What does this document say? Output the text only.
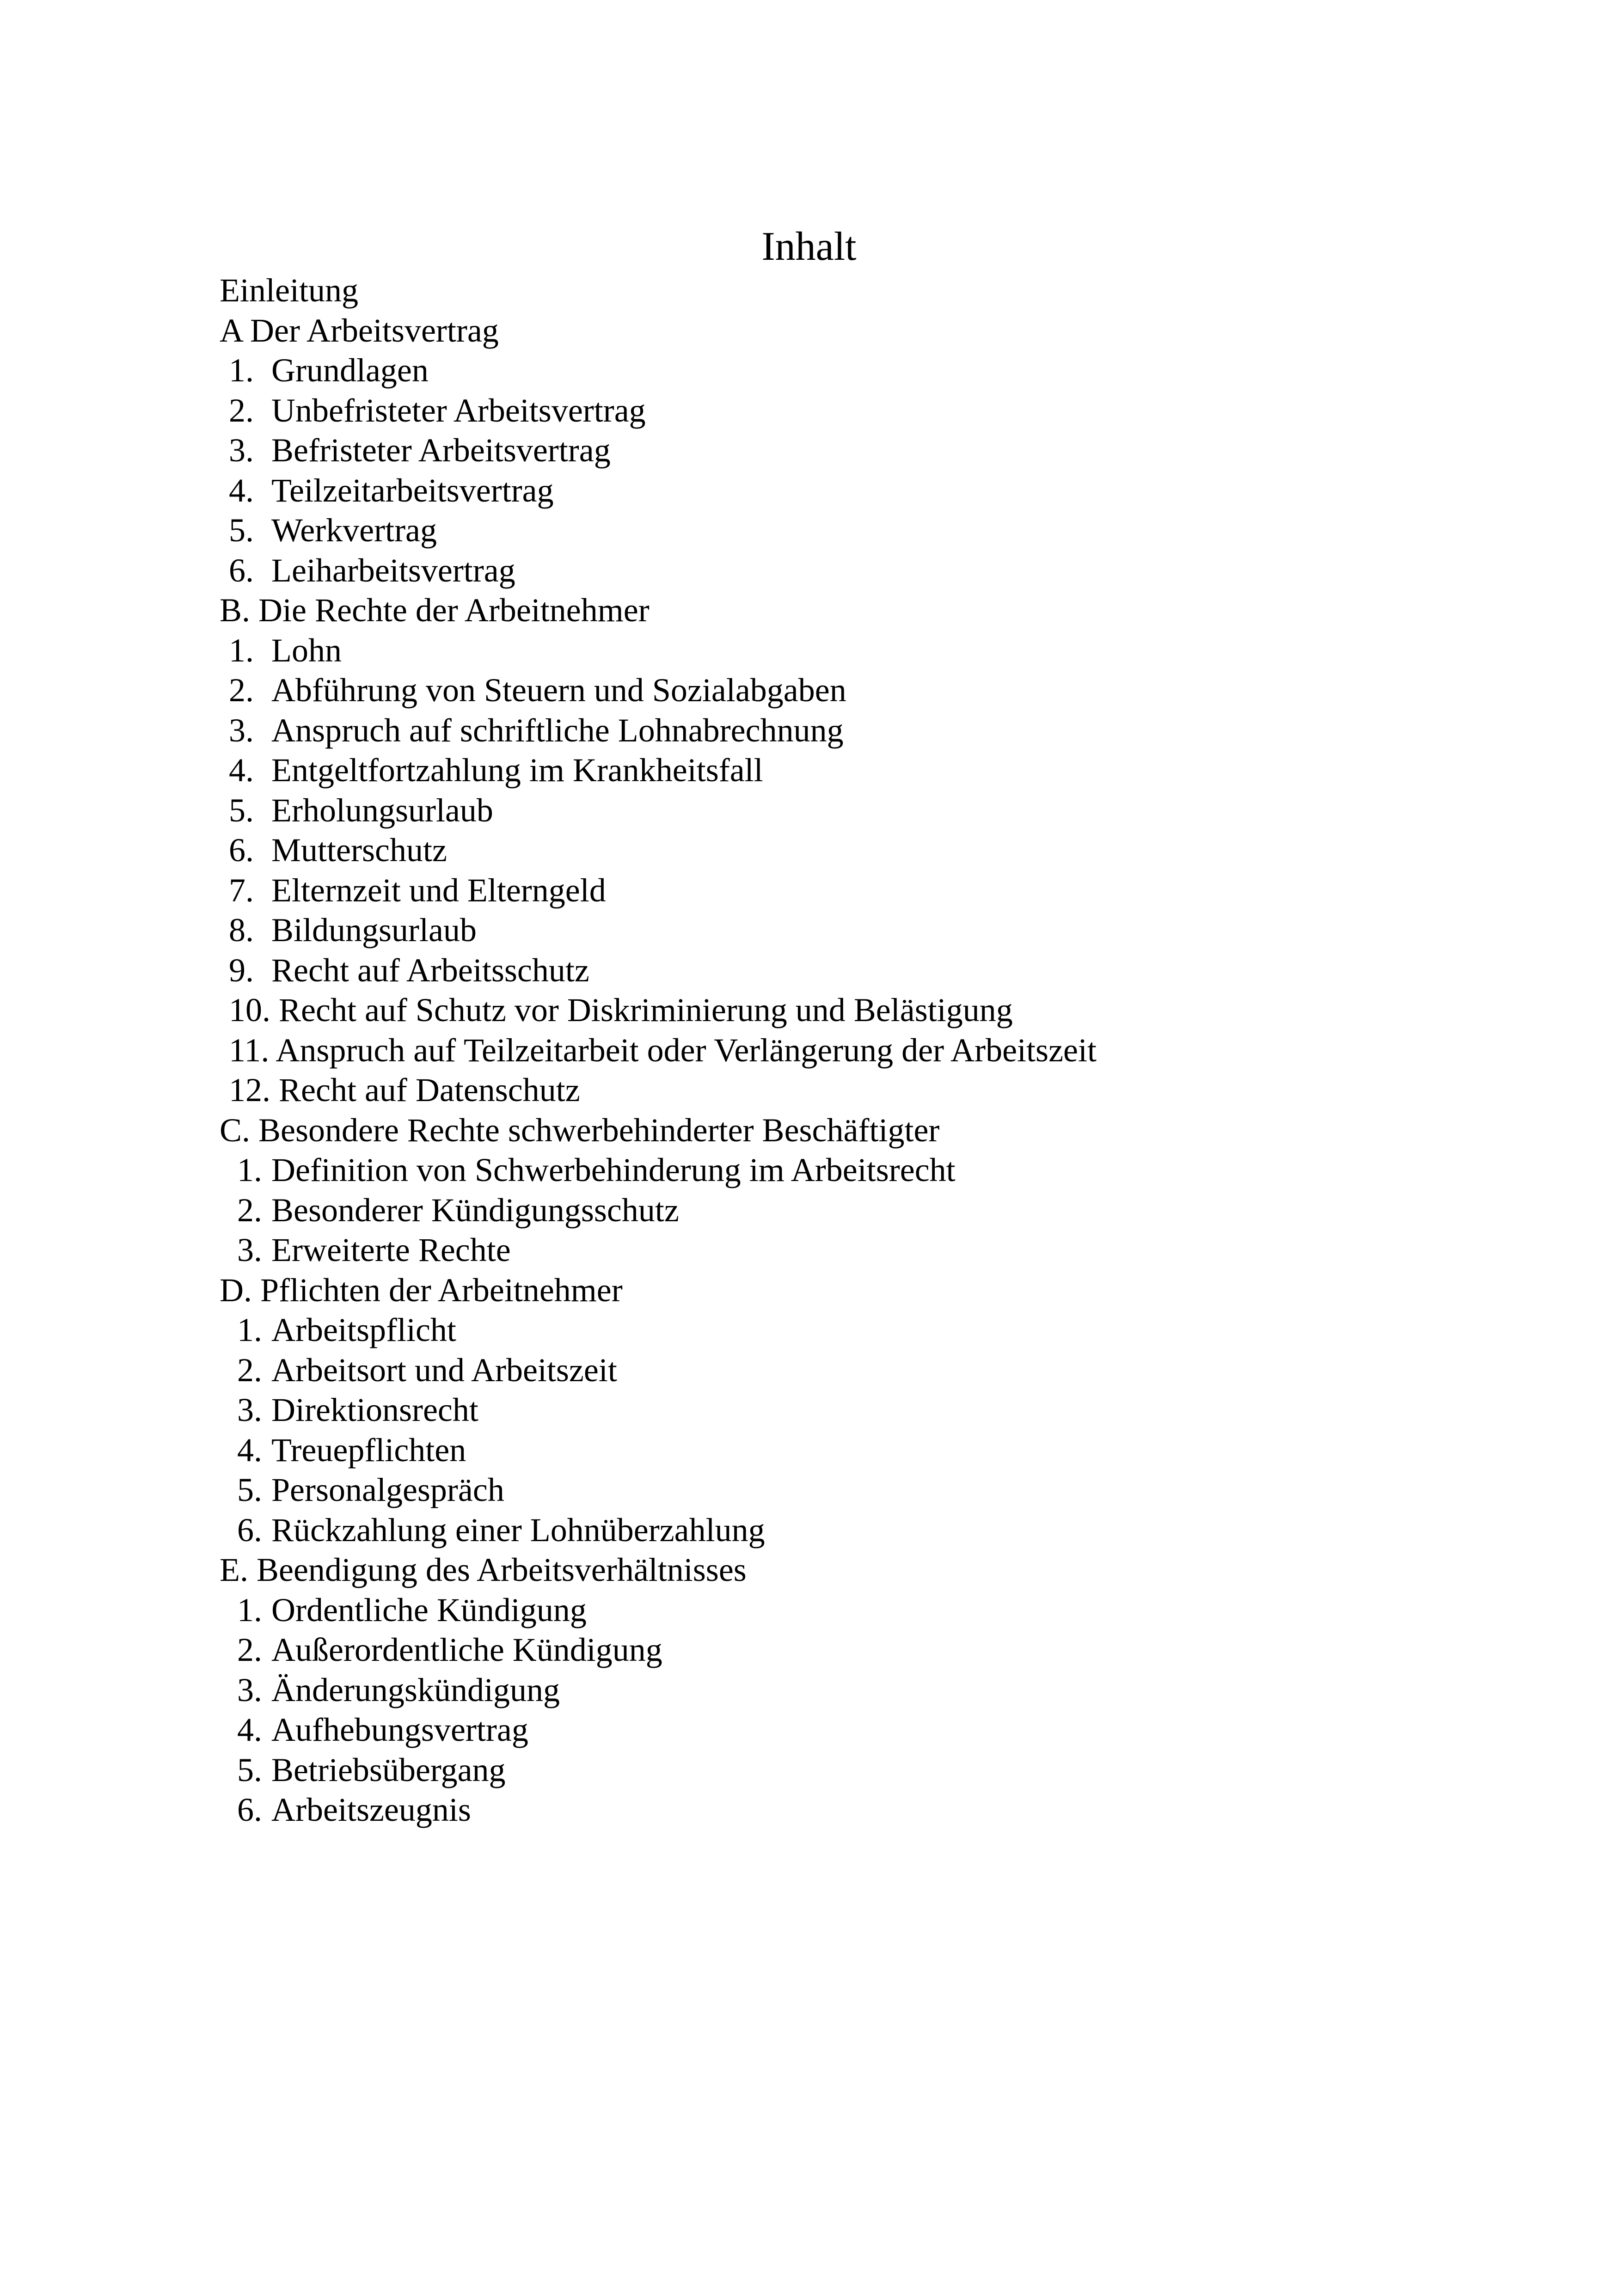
Inhalt
Einleitung
A Der Arbeitsvertrag
1. Grundlagen
2. Unbefristeter Arbeitsvertrag
3. Befristeter Arbeitsvertrag
4. Teilzeitarbeitsvertrag
5. Werkvertrag
6. Leiharbeitsvertrag
B. Die Rechte der Arbeitnehmer
1. Lohn
2. Abführung von Steuern und Sozialabgaben
3. Anspruch auf schriftliche Lohnabrechnung
4. Entgeltfortzahlung im Krankheitsfall
5. Erholungsurlaub
6. Mutterschutz
7. Elternzeit und Elterngeld
8. Bildungsurlaub
9. Recht auf Arbeitsschutz
10. Recht auf Schutz vor Diskriminierung und Belästigung
11. Anspruch auf Teilzeitarbeit oder Verlängerung der Arbeitszeit
12. Recht auf Datenschutz
C. Besondere Rechte schwerbehinderter Beschäftigter
1. Definition von Schwerbehinderung im Arbeitsrecht
2. Besonderer Kündigungsschutz
3. Erweiterte Rechte
D. Pflichten der Arbeitnehmer
1. Arbeitspflicht
2. Arbeitsort und Arbeitszeit
3. Direktionsrecht
4. Treuepflichten
5. Personalgespräch
6. Rückzahlung einer Lohnüberzahlung
E. Beendigung des Arbeitsverhältnisses
1. Ordentliche Kündigung
2. Außerordentliche Kündigung
3. Änderungskündigung
4. Aufhebungsvertrag
5. Betriebsübergang
6. Arbeitszeugnis
